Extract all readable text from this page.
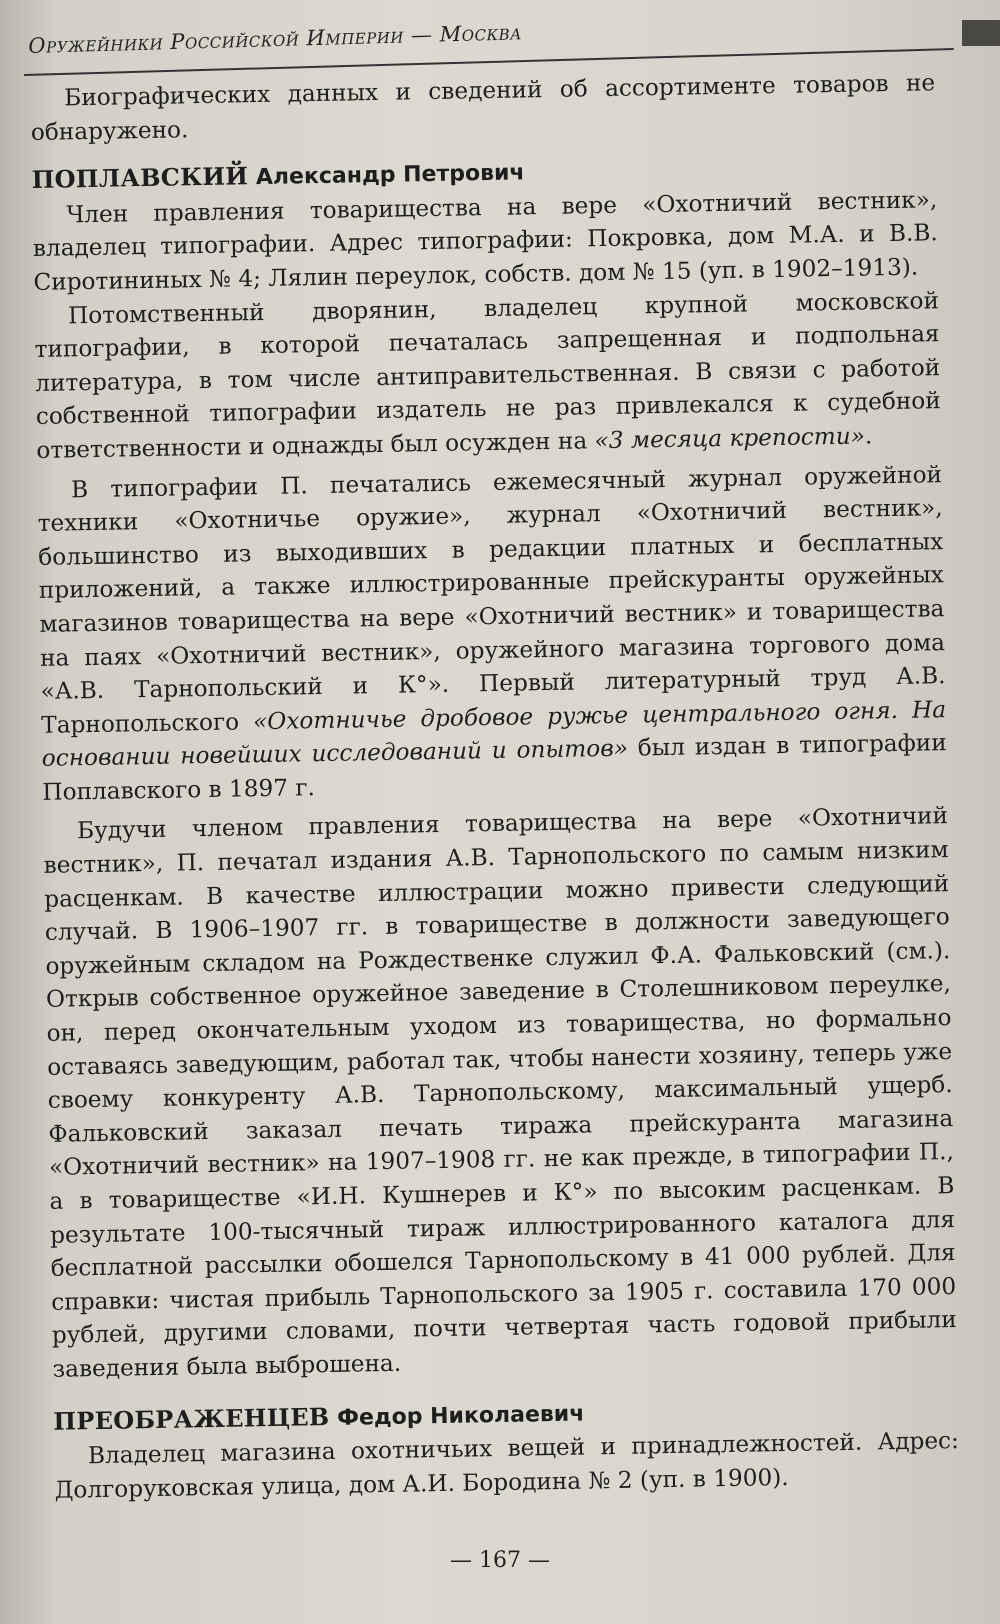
Оружейники Российской Империи — Москва

Биографических данных и сведений об ассортименте товаров не обнаружено.

ПОПЛАВСКИЙ Александр Петрович

Член правления товарищества на вере «Охотничий вестник», владелец типографии. Адрес типографии: Покровка, дом М.А. и В.В. Сиротининых № 4; Лялин переулок, собств. дом № 15 (уп. в 1902–1913).

Потомственный дворянин, владелец крупной московской типографии, в которой печаталась запрещенная и подпольная литература, в том числе антиправительственная. В связи с работой собственной типографии издатель не раз привлекался к судебной ответственности и однажды был осужден на «3 месяца крепости».

В типографии П. печатались ежемесячный журнал оружейной техники «Охотничье оружие», журнал «Охотничий вестник», большинство из выходивших в редакции платных и бесплатных приложений, а также иллюстрированные прейскуранты оружейных магазинов товарищества на вере «Охотничий вестник» и товарищества на паях «Охотничий вестник», оружейного магазина торгового дома «А.В. Тарнопольский и К°». Первый литературный труд А.В. Тарнопольского «Охотничье дробовое ружье центрального огня. На основании новейших исследований и опытов» был издан в типографии Поплавского в 1897 г.

Будучи членом правления товарищества на вере «Охотничий вестник», П. печатал издания А.В. Тарнопольского по самым низким расценкам. В качестве иллюстрации можно привести следующий случай. В 1906–1907 гг. в товариществе в должности заведующего оружейным складом на Рождественке служил Ф.А. Фальковский (см.). Открыв собственное оружейное заведение в Столешниковом переулке, он, перед окончательным уходом из товарищества, но формально оставаясь заведующим, работал так, чтобы нанести хозяину, теперь уже своему конкуренту А.В. Тарнопольскому, максимальный ущерб. Фальковский заказал печать тиража прейскуранта магазина «Охотничий вестник» на 1907–1908 гг. не как прежде, в типографии П., а в товариществе «И.Н. Кушнерев и К°» по высоким расценкам. В результате 100-тысячный тираж иллюстрированного каталога для бесплатной рассылки обошелся Тарнопольскому в 41 000 рублей. Для справки: чистая прибыль Тарнопольского за 1905 г. составила 170 000 рублей, другими словами, почти четвертая часть годовой прибыли заведения была выброшена.

ПРЕОБРАЖЕНЦЕВ Федор Николаевич

Владелец магазина охотничьих вещей и принадлежностей. Адрес: Долгоруковская улица, дом А.И. Бородина № 2 (уп. в 1900).

— 167 —
